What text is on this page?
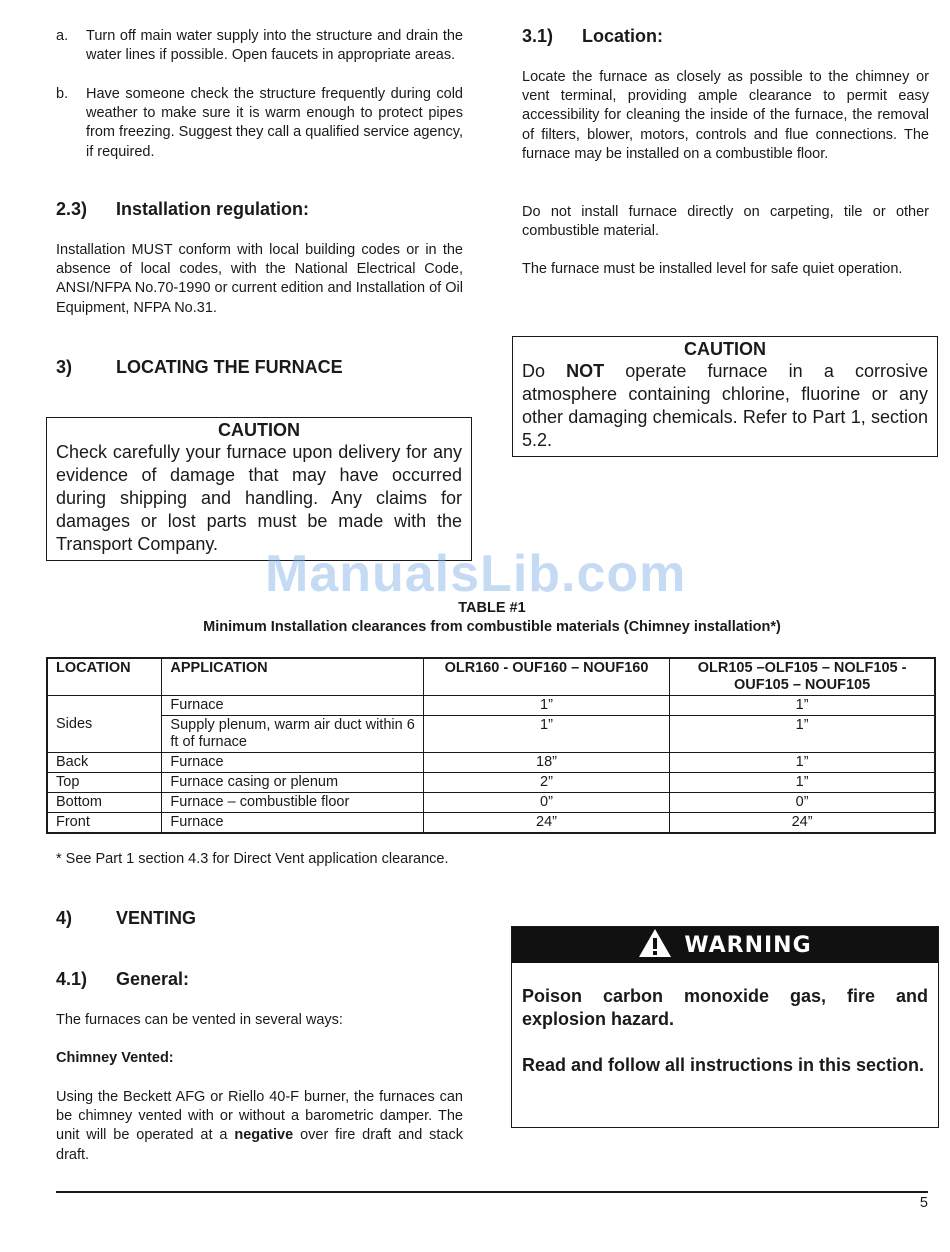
a. Turn off main water supply into the structure and drain the water lines if possible. Open faucets in appropriate areas.
b. Have someone check the structure frequently during cold weather to make sure it is warm enough to protect pipes from freezing. Suggest they call a qualified service agency, if required.
2.3) Installation regulation:

Installation MUST conform with local building codes or in the absence of local codes, with the National Electrical Code, ANSI/NFPA No.70-1990 or current edition and Installation of Oil Equipment, NFPA No.31.

3) LOCATING THE FURNACE
CAUTION
Check carefully your furnace upon delivery for any evidence of damage that may have occurred during shipping and handling. Any claims for damages or lost parts must be made with the Transport Company.
3.1) Location:

Locate the furnace as closely as possible to the chimney or vent terminal, providing ample clearance to permit easy accessibility for cleaning the inside of the furnace, the removal of filters, blower, motors, controls and flue connections. The furnace may be installed on a combustible floor.

Do not install furnace directly on carpeting, tile or other combustible material.

The furnace must be installed level for safe quiet operation.

CAUTION
Do NOT operate furnace in a corrosive atmosphere containing chlorine, fluorine or any other damaging chemicals. Refer to Part 1, section 5.2.
ManualsLib.com
TABLE #1
Minimum Installation clearances from combustible materials (Chimney installation*)
LOCATION	APPLICATION	OLR160 - OUF160 – NOUF160	OLR105 –OLF105 – NOLF105 - OUF105 – NOUF105
Sides	Furnace	1”	1”
	Supply plenum, warm air duct within 6 ft of furnace	1”	1”
Back	Furnace	18”	1”
Top	Furnace casing or plenum	2”	1”
Bottom	Furnace – combustible floor	0”	0”
Front	Furnace	24”	24”
* See Part 1 section 4.3 for Direct Vent application clearance.
4) VENTING
4.1) General:

The furnaces can be vented in several ways:

Chimney Vented:

Using the Beckett AFG or Riello 40-F burner, the furnaces can be chimney vented with or without a barometric damper. The unit will be operated at a negative over fire draft and stack draft.

WARNING
Poison carbon monoxide gas, fire and explosion hazard.
Read and follow all instructions in this section.
5
